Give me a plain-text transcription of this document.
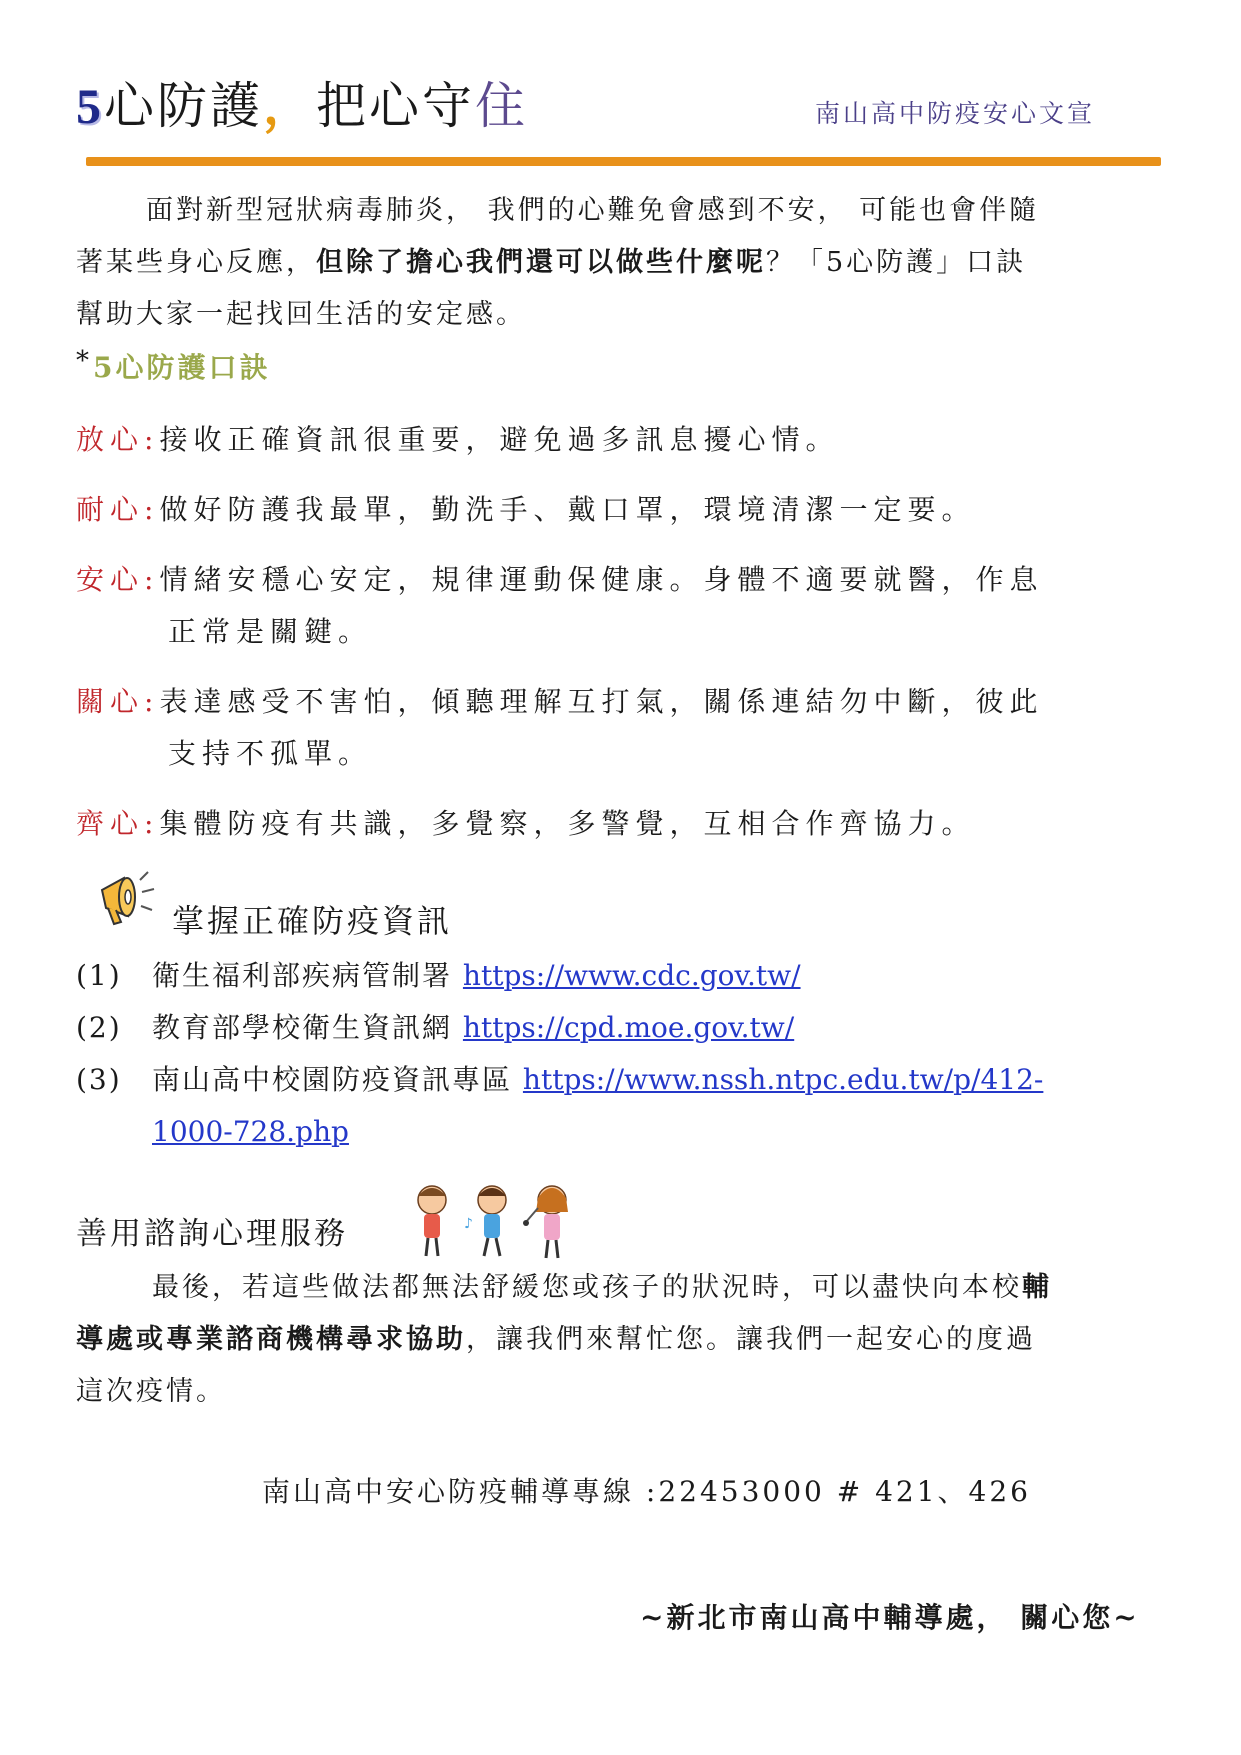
5心防護，把心守住	南山高中防疫安心文宣
面對新型冠狀病毒肺炎， 我們的心難免會感到不安， 可能也會伴隨
著某些身心反應，但除了擔心我們還可以做些什麼呢？「5心防護」口訣
幫助大家一起找回生活的安定感。
* 5心防護口訣
放心:接收正確資訊很重要，避免過多訊息擾心情。
耐心:做好防護我最單，勤洗手、戴口罩，環境清潔一定要。
安心:情緒安穩心安定，規律運動保健康。身體不適要就醫，作息
正常是關鍵。
關心:表達感受不害怕，傾聽理解互打氣，關係連結勿中斷，彼此
支持不孤單。
齊心:集體防疫有共識，多覺察，多警覺，互相合作齊協力。
掌握正確防疫資訊
(1) 衛生福利部疾病管制署 https://www.cdc.gov.tw/
(2) 教育部學校衛生資訊網 https://cpd.moe.gov.tw/
(3) 南山高中校園防疫資訊專區 https://www.nssh.ntpc.edu.tw/p/412-
1000-728.php
善用諮詢心理服務	♪
最後，若這些做法都無法舒緩您或孩子的狀況時，可以盡快向本校輔
導處或專業諮商機構尋求協助，讓我們來幫忙您。讓我們一起安心的度過
這次疫情。
南山高中安心防疫輔導專線 :22453000 # 421、426
~新北市南山高中輔導處， 關心您~
